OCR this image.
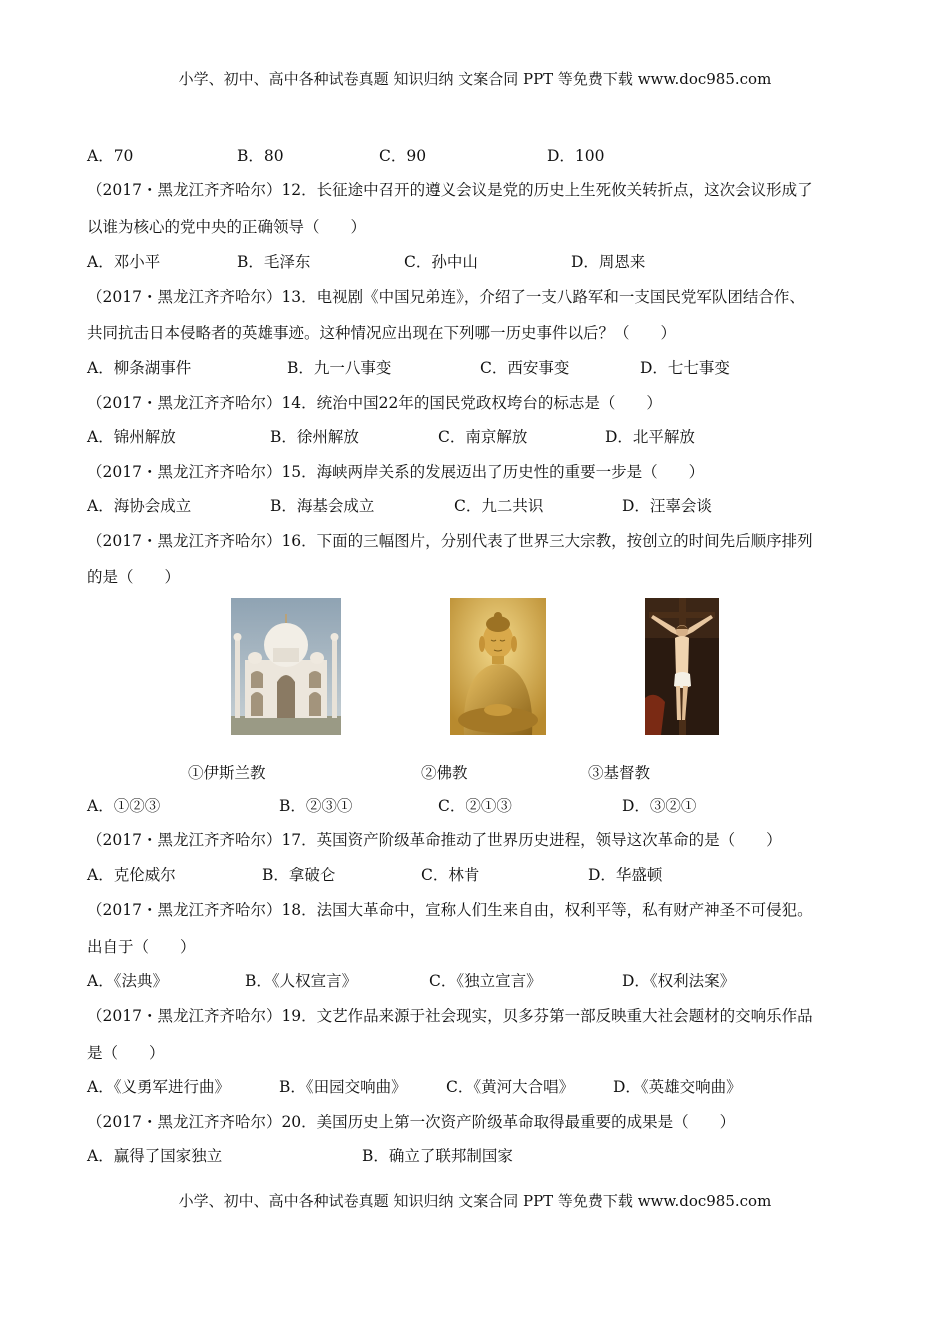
小学、初中、高中各种试卷真题 知识归纳 文案合同 PPT 等免费下载 www.doc985.com
A．70	B．80	C．90	D．100
（2017・黑龙江齐齐哈尔）12．长征途中召开的遵义会议是党的历史上生死攸关转折点，这次会议形成了
以谁为核心的党中央的正确领导（　　）
A．邓小平	B．毛泽东	C．孙中山	D．周恩来
（2017・黑龙江齐齐哈尔）13．电视剧《中国兄弟连》，介绍了一支八路军和一支国民党军队团结合作、
共同抗击日本侵略者的英雄事迹。这种情况应出现在下列哪一历史事件以后？（　　）
A．柳条湖事件	B．九一八事变	C．西安事变	D．七七事变
（2017・黑龙江齐齐哈尔）14．统治中国22年的国民党政权垮台的标志是（　　）
A．锦州解放	B．徐州解放	C．南京解放	D．北平解放
（2017・黑龙江齐齐哈尔）15．海峡两岸关系的发展迈出了历史性的重要一步是（　　）
A．海协会成立	B．海基会成立	C．九二共识	D．汪辜会谈
（2017・黑龙江齐齐哈尔）16．下面的三幅图片，分别代表了世界三大宗教，按创立的时间先后顺序排列
的是（　　）
①伊斯兰教	②佛教	③基督教
A．①②③	B．②③①	C．②①③	D．③②①
（2017・黑龙江齐齐哈尔）17．英国资产阶级革命推动了世界历史进程，领导这次革命的是（　　）
A．克伦威尔	B．拿破仑	C．林肯	D．华盛顿
（2017・黑龙江齐齐哈尔）18．法国大革命中，宣称人们生来自由，权利平等，私有财产神圣不可侵犯。
出自于（　　）
A．《法典》	B．《人权宣言》	C．《独立宣言》	D．《权利法案》
（2017・黑龙江齐齐哈尔）19．文艺作品来源于社会现实，贝多芬第一部反映重大社会题材的交响乐作品
是（　　）
A．《义勇军进行曲》	B．《田园交响曲》	C．《黄河大合唱》	D．《英雄交响曲》
（2017・黑龙江齐齐哈尔）20．美国历史上第一次资产阶级革命取得最重要的成果是（　　）
A．赢得了国家独立	B．确立了联邦制国家
小学、初中、高中各种试卷真题 知识归纳 文案合同 PPT 等免费下载 www.doc985.com
